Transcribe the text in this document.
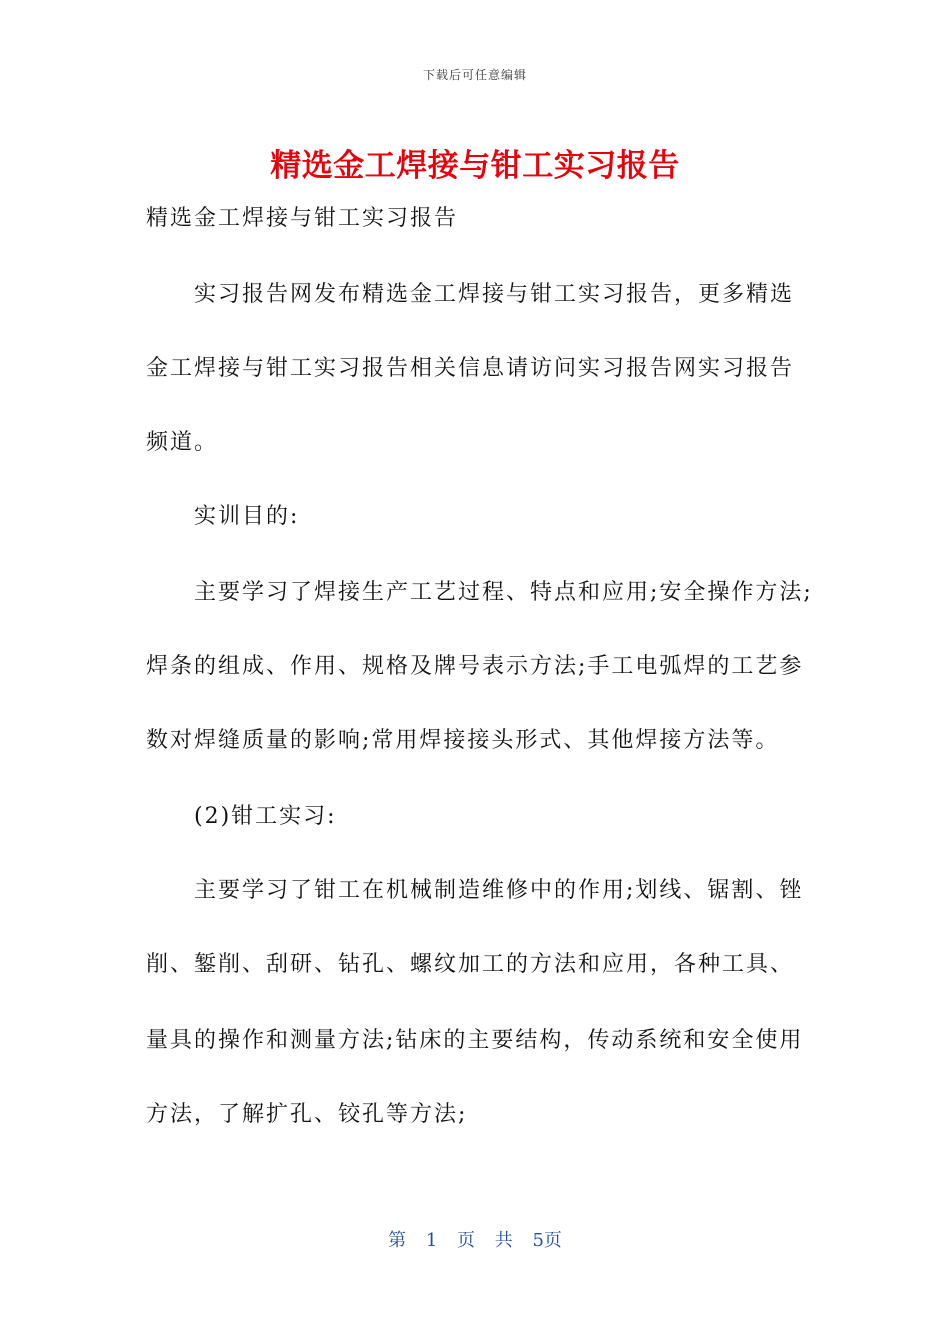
下载后可任意编辑
精选金工焊接与钳工实习报告
精选金工焊接与钳工实习报告
实习报告网发布精选金工焊接与钳工实习报告，更多精选
金工焊接与钳工实习报告相关信息请访问实习报告网实习报告
频道。
实训目的:
主要学习了焊接生产工艺过程、特点和应用;安全操作方法;
焊条的组成、作用、规格及牌号表示方法;手工电弧焊的工艺参
数对焊缝质量的影响;常用焊接接头形式、其他焊接方法等。
(2)钳工实习:
主要学习了钳工在机械制造维修中的作用;划线、锯割、锉
削、錾削、刮研、钻孔、螺纹加工的方法和应用，各种工具、
量具的操作和测量方法;钻床的主要结构，传动系统和安全使用
方法，了解扩孔、铰孔等方法;
第 1 页 共 5页
